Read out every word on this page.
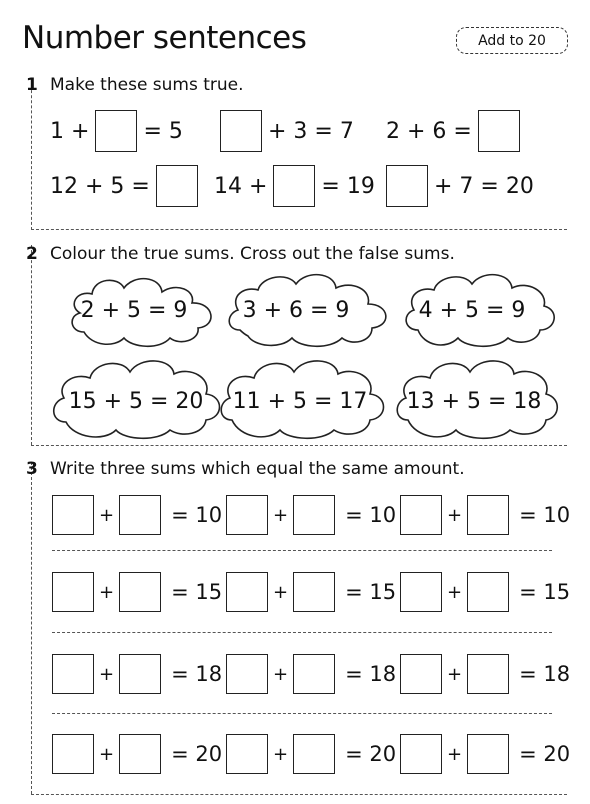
Number sentences	Add to 20
1 Make these sums true.
1 + = 5	+ 3 = 7 2 + 6 =
12 + 5 =	14 + = 19	+ 7 = 20
2 Colour the true sums. Cross out the false sums.
2 + 5 = 9	3 + 6 = 9	4 + 5 = 9
15 + 5 = 20 11 + 5 = 17 13 + 5 = 18
3 Write three sums which equal the same amount.
+	= 10	+	= 10	+	= 10
+	= 15	+	= 15	+	= 15
+	= 18	+	= 18	+	= 18
+	= 20	+	= 20	+	= 20
